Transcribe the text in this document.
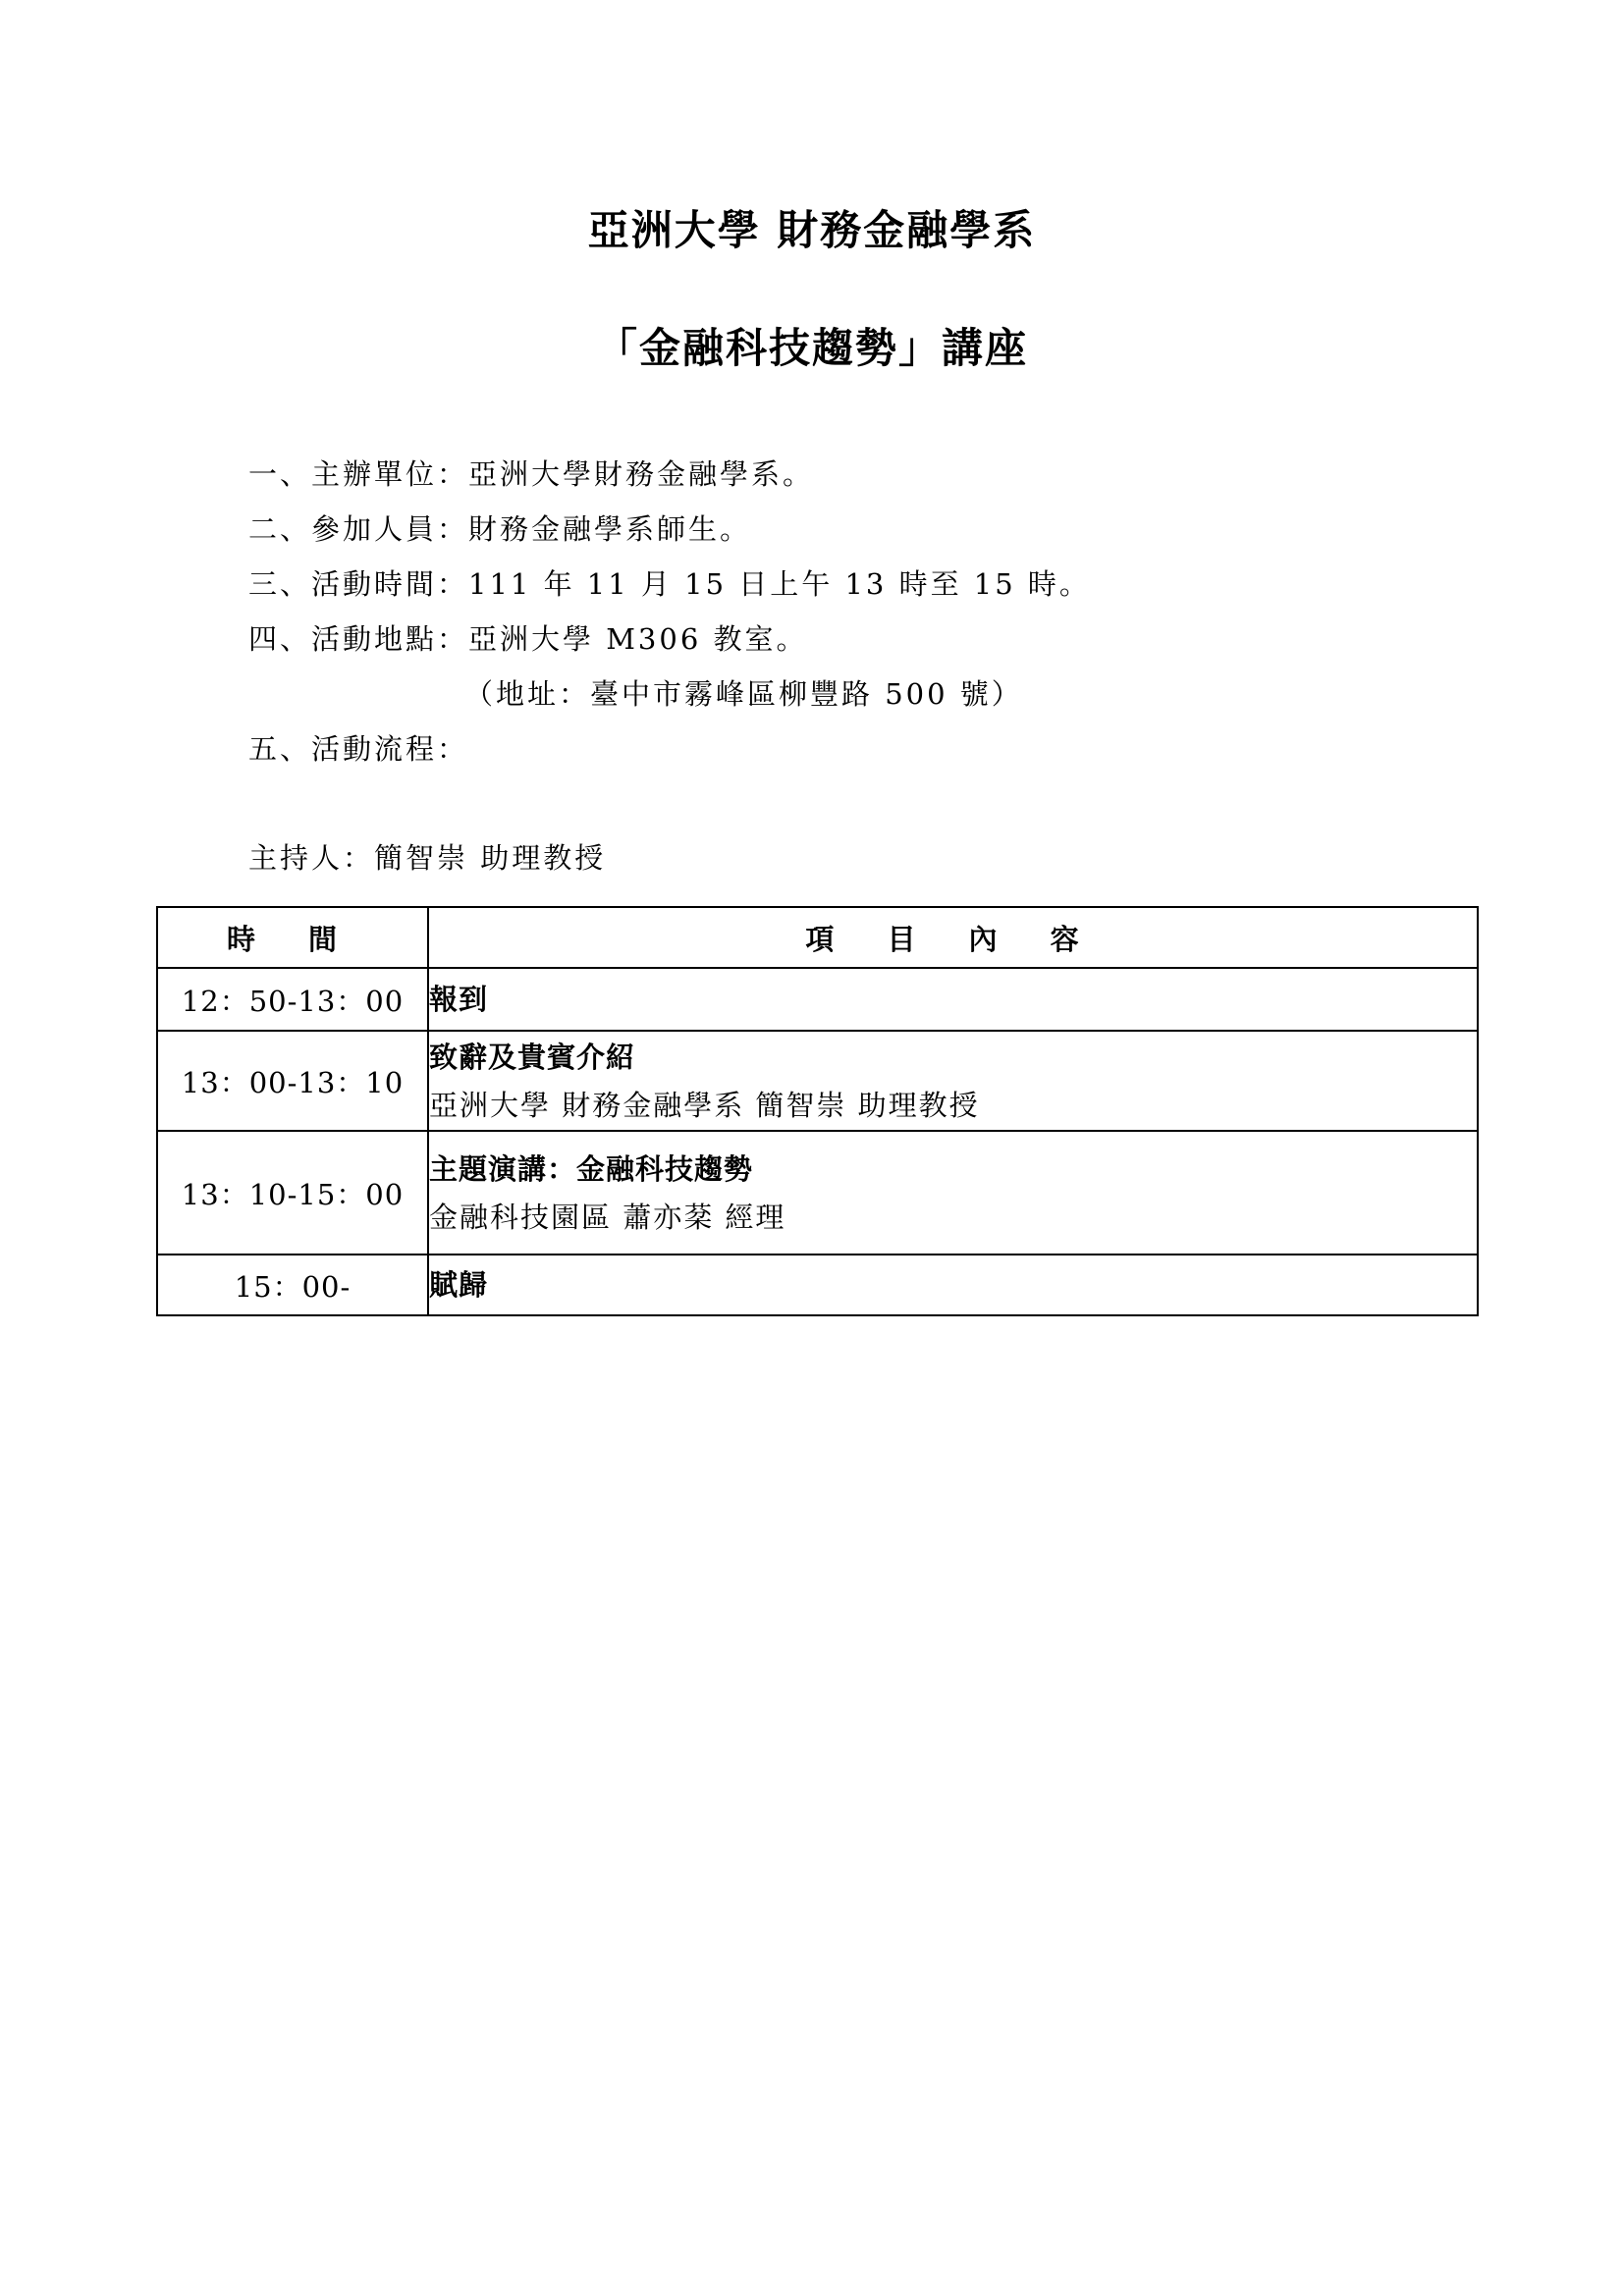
亞洲大學 財務金融學系
「金融科技趨勢」講座
一、主辦單位：亞洲大學財務金融學系。
二、參加人員：財務金融學系師生。
三、活動時間：111 年 11 月 15 日上午 13 時至 15 時。
四、活動地點：亞洲大學 M306 教室。
（地址：臺中市霧峰區柳豐路 500 號）
五、活動流程：
主持人：簡智崇 助理教授
時 間	項 目 內 容
12：50-13：00	報到

13：00-13：10	致辭及貴賓介紹
亞洲大學 財務金融學系 簡智崇 助理教授

13：10-15：00	主題演講：金融科技趨勢
金融科技園區 蕭亦棻 經理

15：00-	賦歸
